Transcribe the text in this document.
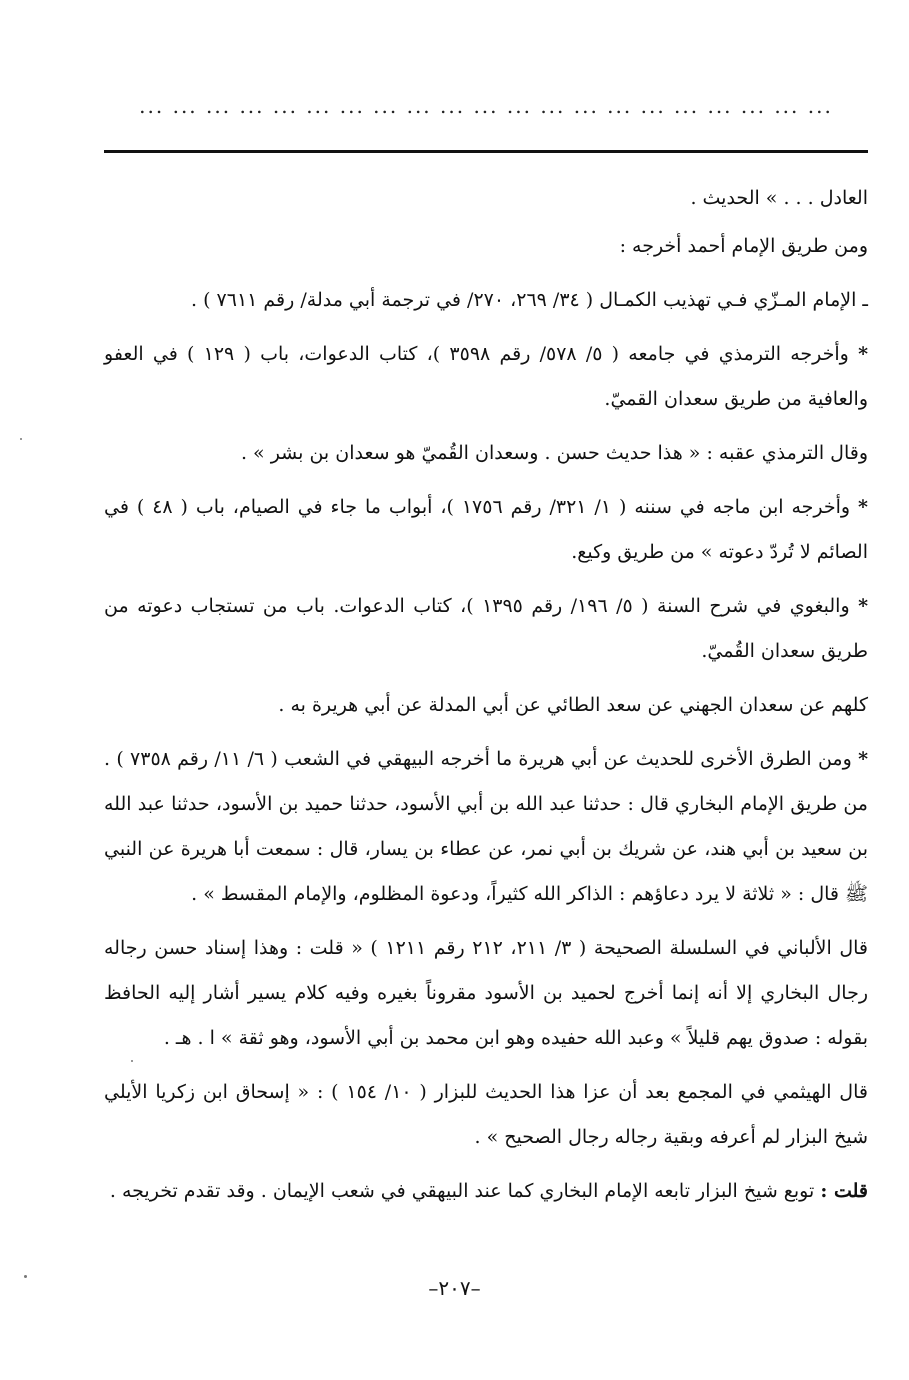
... ... ... ... ... ... ... ... ... ... ... ... ... ... ... ... ... ... ... ... ...

العادل . . . » الحديث .

ومن طريق الإمام أحمد أخرجه :

ـ الإمام المـزّي فـي تهذيب الكمـال ( ٣٤/ ٢٦٩، ٢٧٠/ في ترجمة أبي مدلة/ رقم ٧٦١١ ) .

* وأخرجه الترمذي في جامعه ( ٥/ ٥٧٨/ رقم ٣٥٩٨ )، كتاب الدعوات، باب ( ١٢٩ ) في العفو والعافية من طريق سعدان القميّ.

وقال الترمذي عقبه : « هذا حديث حسن . وسعدان القُميّ هو سعدان بن بشر » .

* وأخرجه ابن ماجه في سننه ( ١/ ٣٢١/ رقم ١٧٥٦ )، أبواب ما جاء في الصيام، باب ( ٤٨ ) في الصائم لا تُردّ دعوته » من طريق وكيع.

* والبغوي في شرح السنة ( ٥/ ١٩٦/ رقم ١٣٩٥ )، كتاب الدعوات. باب من تستجاب دعوته من طريق سعدان القُميّ.

كلهم عن سعدان الجهني عن سعد الطائي عن أبي المدلة عن أبي هريرة به .

* ومن الطرق الأخرى للحديث عن أبي هريرة ما أخرجه البيهقي في الشعب ( ٦/ ١١/ رقم ٧٣٥٨ ) . من طريق الإمام البخاري قال : حدثنا عبد الله بن أبي الأسود، حدثنا حميد بن الأسود، حدثنا عبد الله بن سعيد بن أبي هند، عن شريك بن أبي نمر، عن عطاء بن يسار، قال : سمعت أبا هريرة عن النبي ﷺ قال : « ثلاثة لا يرد دعاؤهم : الذاكر الله كثيراً، ودعوة المظلوم، والإمام المقسط » .

قال الألباني في السلسلة الصحيحة ( ٣/ ٢١١، ٢١٢ رقم ١٢١١ ) « قلت : وهذا إسناد حسن رجاله رجال البخاري إلا أنه إنما أخرج لحميد بن الأسود مقروناً بغيره وفيه كلام يسير أشار إليه الحافظ بقوله : صدوق يهم قليلاً » وعبد الله حفيده وهو ابن محمد بن أبي الأسود، وهو ثقة » ا . هـ .

قال الهيثمي في المجمع بعد أن عزا هذا الحديث للبزار ( ١٠/ ١٥٤ ) : « إسحاق ابن زكريا الأيلي شيخ البزار لم أعرفه وبقية رجاله رجال الصحيح » .

قلت : توبع شيخ البزار تابعه الإمام البخاري كما عند البيهقي في شعب الإيمان . وقد تقدم تخريجه .

–٢٠٧–
